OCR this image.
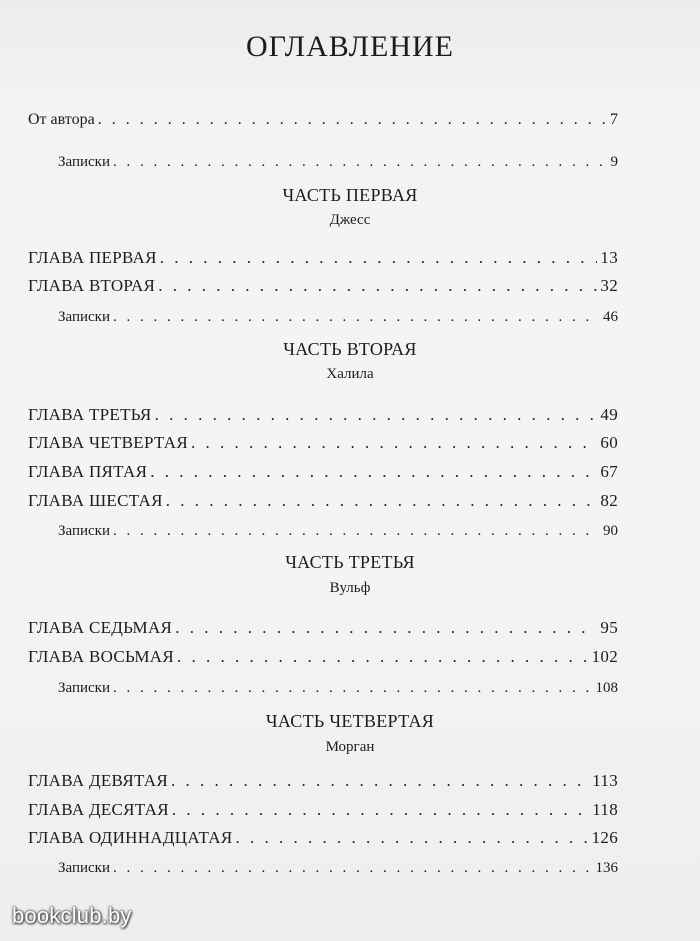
ОГЛАВЛЕНИЕ
От автора . . .	7
Записки . . .	9
ЧАСТЬ ПЕРВАЯ
Джесс
ГЛАВА ПЕРВАЯ . . .	13
ГЛАВА ВТОРАЯ . . .	32
Записки . . .	46
ЧАСТЬ ВТОРАЯ
Халила
ГЛАВА ТРЕТЬЯ . . .	49
ГЛАВА ЧЕТВЕРТАЯ . . .	60
ГЛАВА ПЯТАЯ . . .	67
ГЛАВА ШЕСТАЯ . . .	82
Записки . . .	90
ЧАСТЬ ТРЕТЬЯ
Вульф
ГЛАВА СЕДЬМАЯ . . .	95
ГЛАВА ВОСЬМАЯ . . .	102
Записки . . .	108
ЧАСТЬ ЧЕТВЕРТАЯ
Морган
ГЛАВА ДЕВЯТАЯ . . .	113
ГЛАВА ДЕСЯТАЯ . . .	118
ГЛАВА ОДИННАДЦАТАЯ . . .	126
Записки . . .	136
bookclub.by
